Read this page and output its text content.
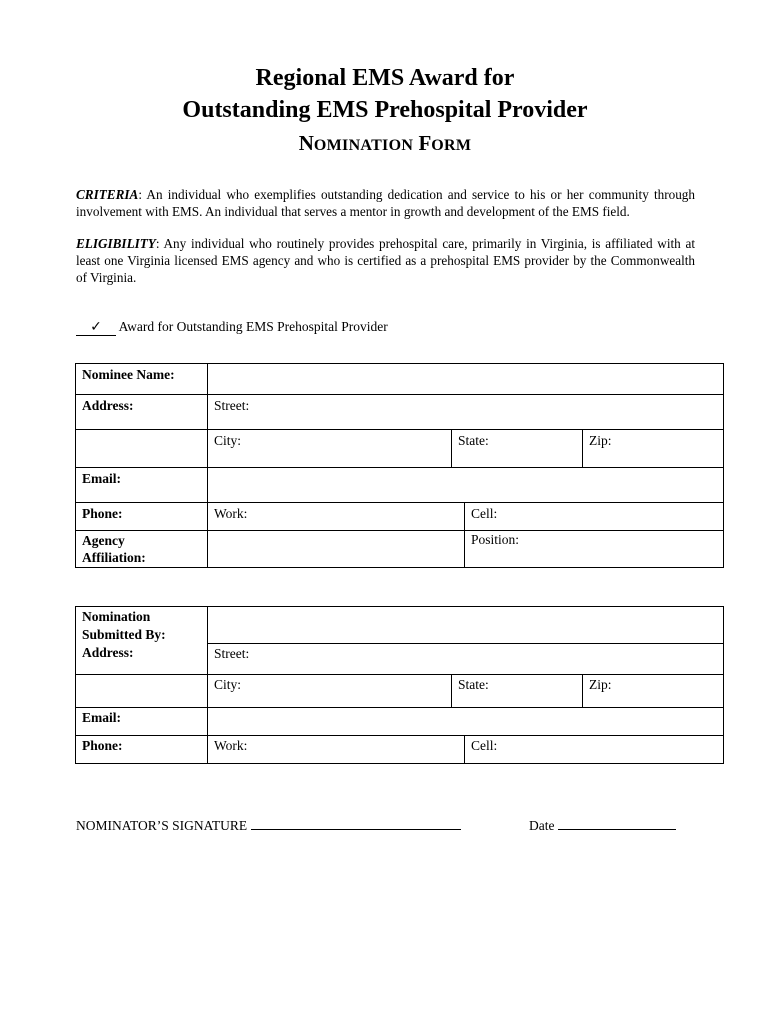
Regional EMS Award for
Outstanding EMS Prehospital Provider
NOMINATION FORM
CRITERIA: An individual who exemplifies outstanding dedication and service to his or her community through involvement with EMS. An individual that serves a mentor in growth and development of the EMS field.
ELIGIBILITY: Any individual who routinely provides prehospital care, primarily in Virginia, is affiliated with at least one Virginia licensed EMS agency and who is certified as a prehospital EMS provider by the Commonwealth of Virginia.
✓ Award for Outstanding EMS Prehospital Provider
Nominee Name:				
Address:	Street:			
	City:	State:		Zip:
Email:				
Phone:	Work:		Cell:	
Agency
Affiliation:			Position:	
Nomination
Submitted By:
Address:				
	Street:			
	City:	State:		Zip:
Email:				
Phone:	Work:		Cell:	
NOMINATOR’S SIGNATURE	Date
